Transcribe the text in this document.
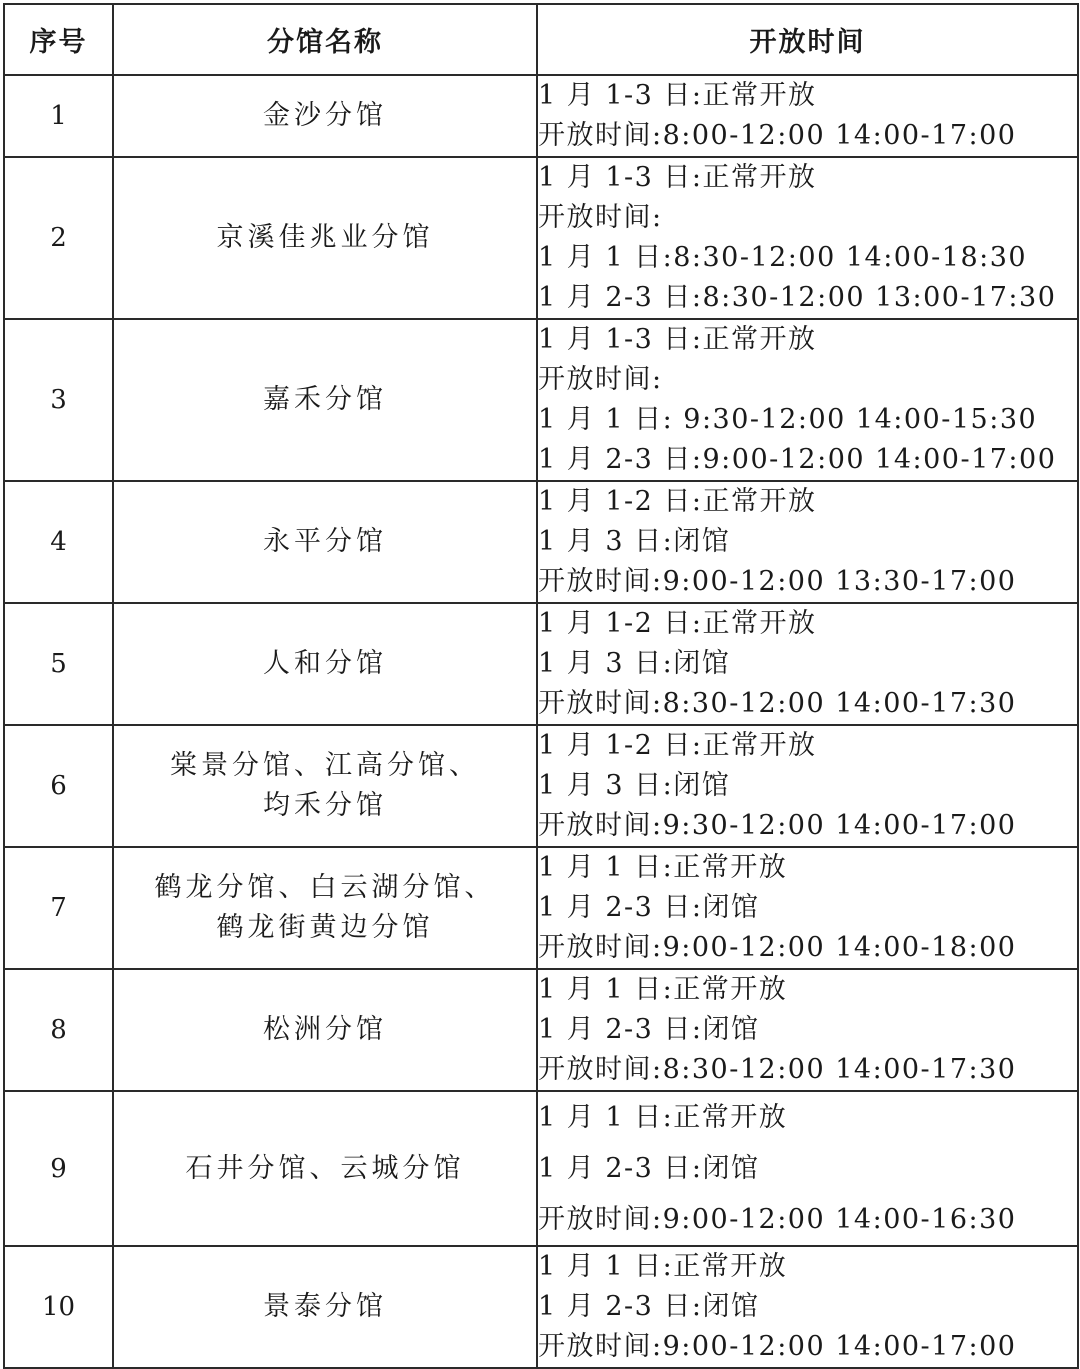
序号	分馆名称	开放时间
1	金沙分馆	1 月 1-3 日:正常开放
开放时间:8:00-12:00 14:00-17:00

2	京溪佳兆业分馆	1 月 1-3 日:正常开放
开放时间:
1 月 1 日:8:30-12:00 14:00-18:30
1 月 2-3 日:8:30-12:00 13:00-17:30

3	嘉禾分馆	1 月 1-3 日:正常开放
开放时间:
1 月 1 日: 9:30-12:00 14:00-15:30
1 月 2-3 日:9:00-12:00 14:00-17:00

4	永平分馆	1 月 1-2 日:正常开放
1 月 3 日:闭馆
开放时间:9:00-12:00 13:30-17:00

5	人和分馆	1 月 1-2 日:正常开放
1 月 3 日:闭馆
开放时间:8:30-12:00 14:00-17:30

6	棠景分馆、江高分馆、
均禾分馆	1 月 1-2 日:正常开放
1 月 3 日:闭馆
开放时间:9:30-12:00 14:00-17:00

7	鹤龙分馆、白云湖分馆、
鹤龙街黄边分馆	1 月 1 日:正常开放
1 月 2-3 日:闭馆
开放时间:9:00-12:00 14:00-18:00

8	松洲分馆	1 月 1 日:正常开放
1 月 2-3 日:闭馆
开放时间:8:30-12:00 14:00-17:30

9	石井分馆、云城分馆	1 月 1 日:正常开放
1 月 2-3 日:闭馆
开放时间:9:00-12:00 14:00-16:30

10	景泰分馆	1 月 1 日:正常开放
1 月 2-3 日:闭馆
开放时间:9:00-12:00 14:00-17:00
